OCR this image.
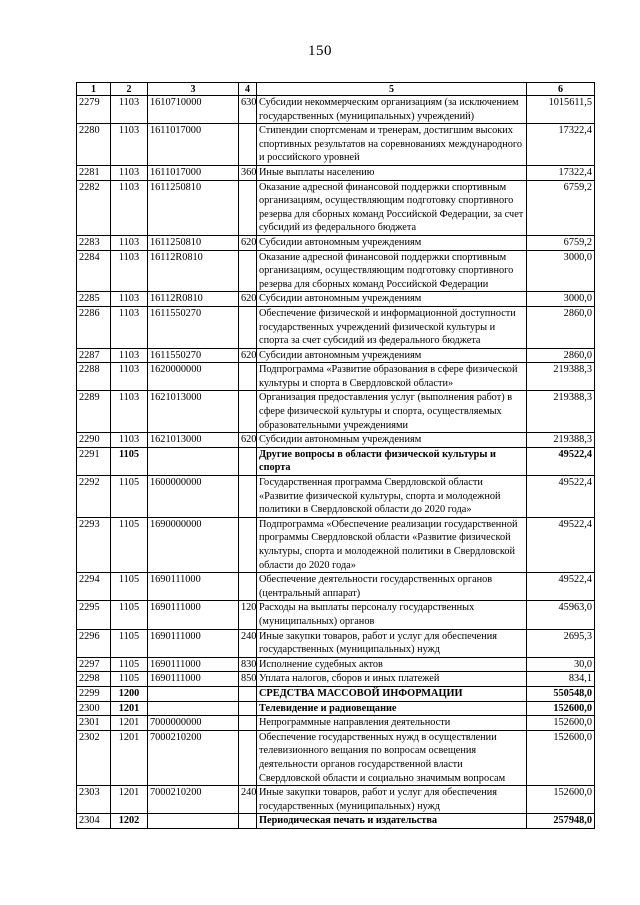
150
1	2	3	4	5	6
2279	1103	1610710000	630	Субсидии некоммерческим организациям (за исключением государственных (муниципальных) учреждений)	1015611,5
2280	1103	1611017000		Стипендии спортсменам и тренерам, достигшим высоких спортивных результатов на соревнованиях международного и российского уровней	17322,4
2281	1103	1611017000	360	Иные выплаты населению	17322,4
2282	1103	1611250810		Оказание адресной финансовой поддержки спортивным организациям, осуществляющим подготовку спортивного резерва для сборных команд Российской Федерации, за счет субсидий из федерального бюджета	6759,2
2283	1103	1611250810	620	Субсидии автономным учреждениям	6759,2
2284	1103	16112R0810		Оказание адресной финансовой поддержки спортивным организациям, осуществляющим подготовку спортивного резерва для сборных команд Российской Федерации	3000,0
2285	1103	16112R0810	620	Субсидии автономным учреждениям	3000,0
2286	1103	1611550270		Обеспечение физической и информационной доступности государственных учреждений физической культуры и спорта за счет субсидий из федерального бюджета	2860,0
2287	1103	1611550270	620	Субсидии автономным учреждениям	2860,0
2288	1103	1620000000		Подпрограмма «Развитие образования в сфере физической культуры и спорта в Свердловской области»	219388,3
2289	1103	1621013000		Организация предоставления услуг (выполнения работ) в сфере физической культуры и спорта, осуществляемых образовательными учреждениями	219388,3
2290	1103	1621013000	620	Субсидии автономным учреждениям	219388,3
2291	1105			Другие вопросы в области физической культуры и спорта	49522,4
2292	1105	1600000000		Государственная программа Свердловской области «Развитие физической культуры, спорта и молодежной политики в Свердловской области до 2020 года»	49522,4
2293	1105	1690000000		Подпрограмма «Обеспечение реализации государственной программы Свердловской области «Развитие физической культуры, спорта и молодежной политики в Свердловской области до 2020 года»	49522,4
2294	1105	1690111000		Обеспечение деятельности государственных органов (центральный аппарат)	49522,4
2295	1105	1690111000	120	Расходы на выплаты персоналу государственных (муниципальных) органов	45963,0
2296	1105	1690111000	240	Иные закупки товаров, работ и услуг для обеспечения государственных (муниципальных) нужд	2695,3
2297	1105	1690111000	830	Исполнение судебных актов	30,0
2298	1105	1690111000	850	Уплата налогов, сборов и иных платежей	834,1
2299	1200			СРЕДСТВА МАССОВОЙ ИНФОРМАЦИИ	550548,0
2300	1201			Телевидение и радиовещание	152600,0
2301	1201	7000000000		Непрограммные направления деятельности	152600,0
2302	1201	7000210200		Обеспечение государственных нужд в осуществлении телевизионного вещания по вопросам освещения деятельности органов государственной власти Свердловской области и социально значимым вопросам	152600,0
2303	1201	7000210200	240	Иные закупки товаров, работ и услуг для обеспечения государственных (муниципальных) нужд	152600,0
2304	1202			Периодическая печать и издательства	257948,0
